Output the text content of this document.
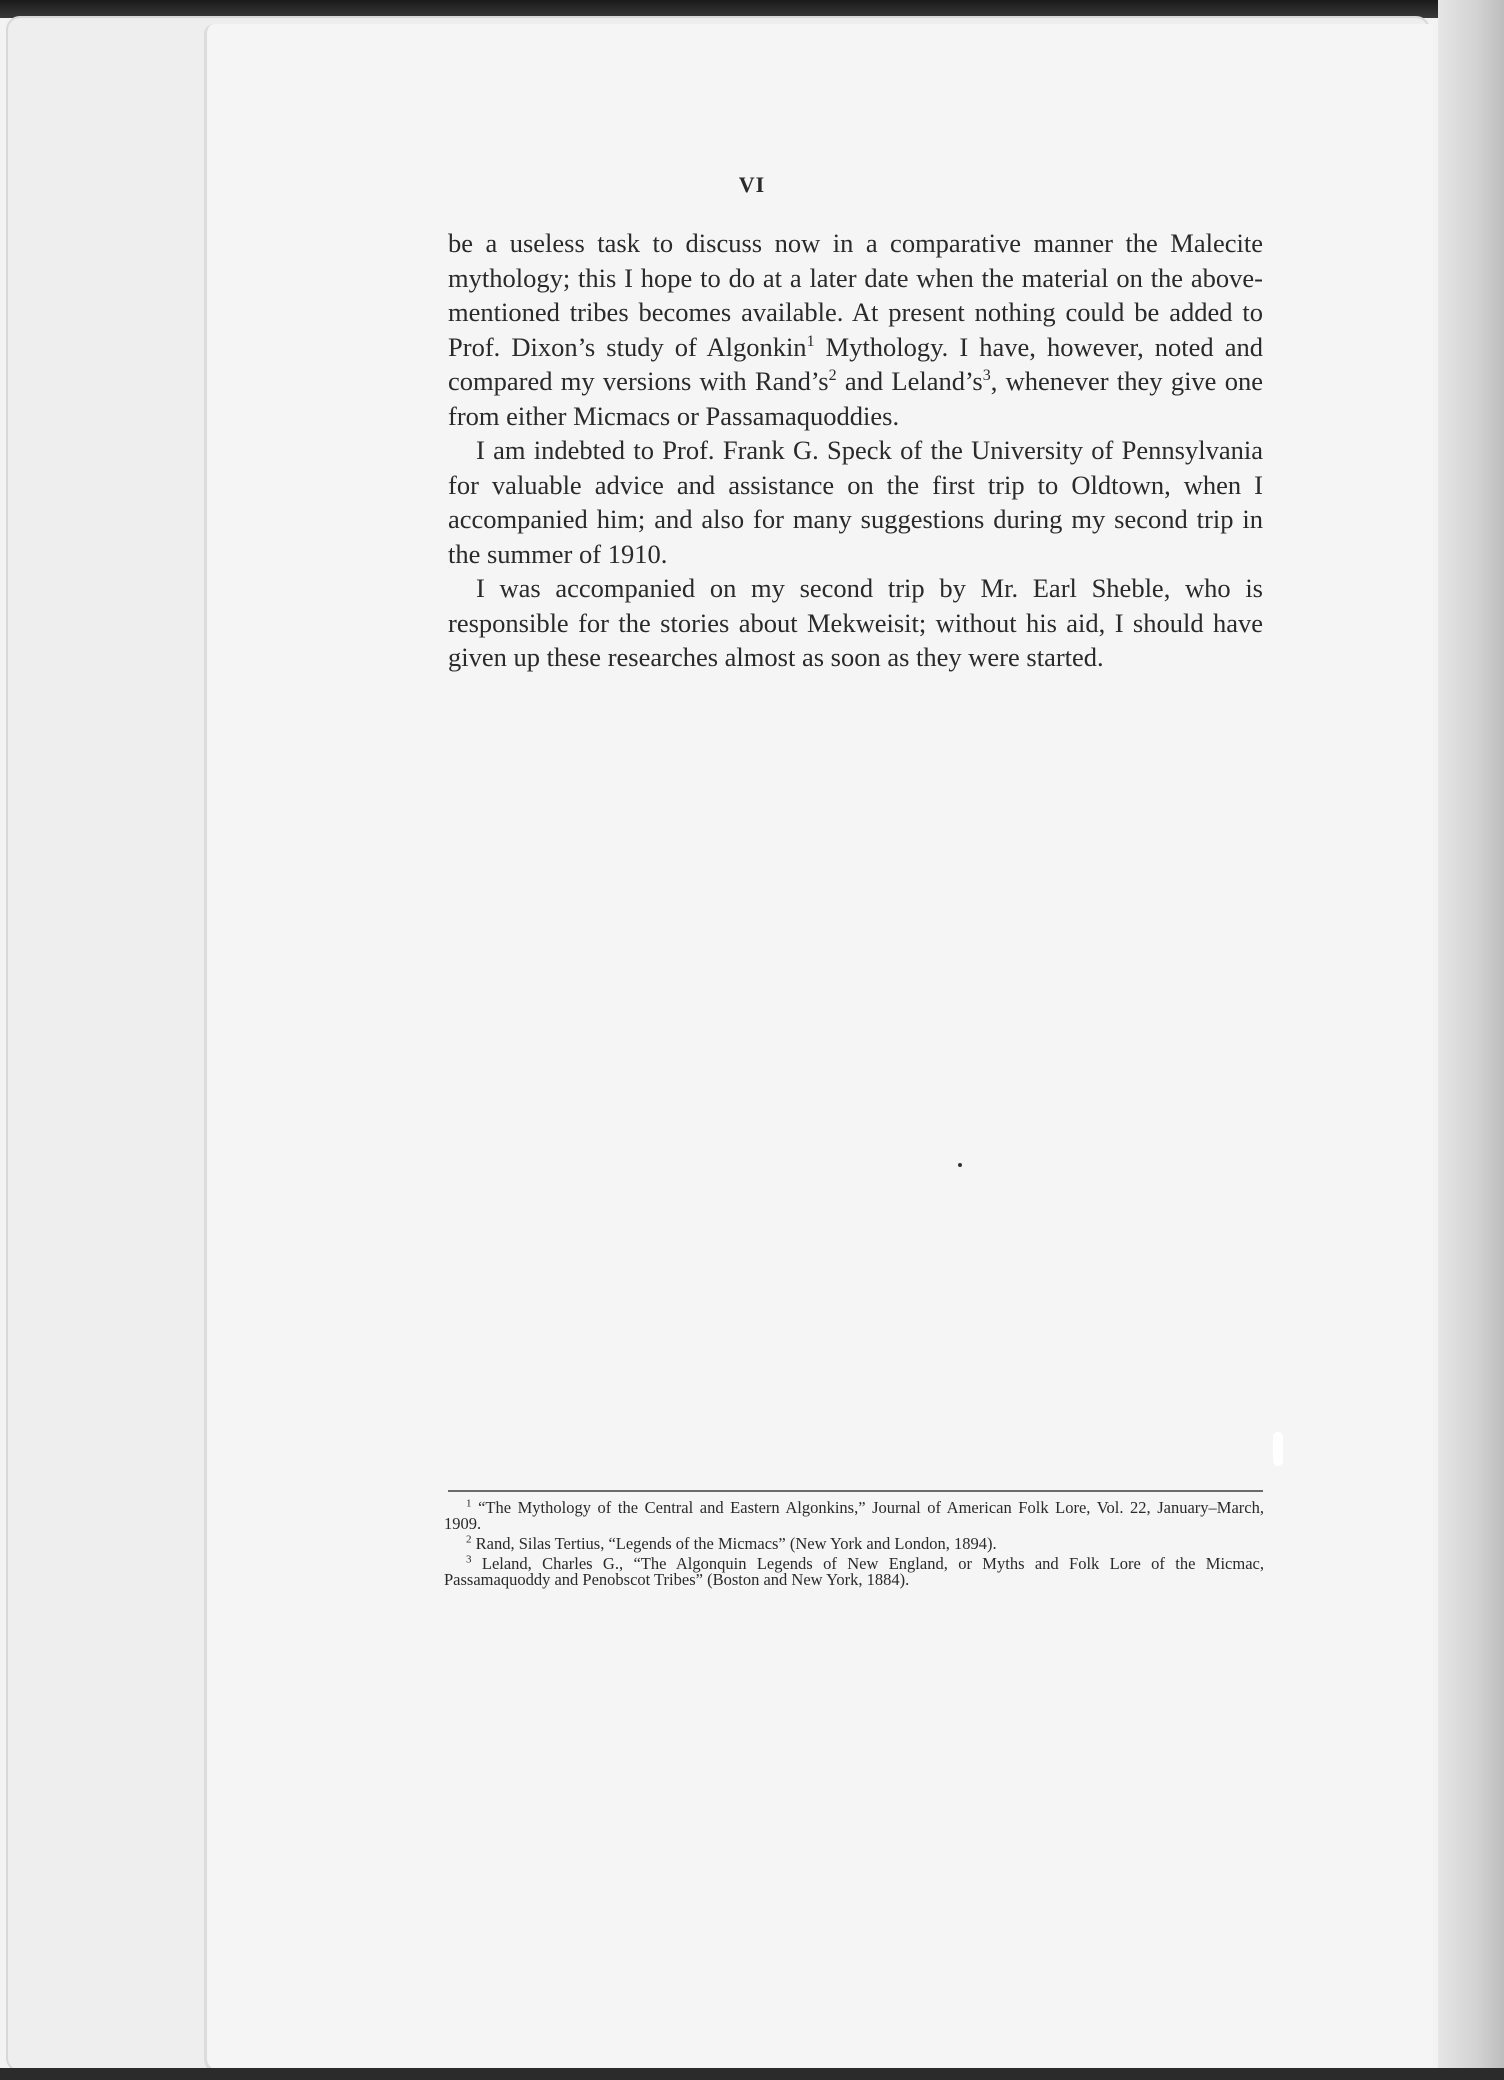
VI

be a useless task to discuss now in a comparative manner the Malecite mythology; this I hope to do at a later date when the material on the above-mentioned tribes becomes available. At present nothing could be added to Prof. Dixon’s study of Algonkin$^1$ Mythology. I have, however, noted and compared my versions with $Rand’s^2$ and $Leland’s^3$, whenever they give one from either Micmacs or Passamaquoddies.

I am indebted to Prof. Frank G. Speck of the University of Pennsylvania for valuable advice and assistance on the first trip to Oldtown, when I accompanied him; and also for many suggestions during my second trip in the summer of 1910.

I was accompanied on my second trip by Mr. Earl Sheble, who is responsible for the stories about Mekweisit; without his aid, I should have given up these researches almost as soon as they were started.

$^1$ “The Mythology of the Central and Eastern Algonkins,” Journal of American Folk Lore, Vol. 22, January–March, 1909.

$^2$ Rand, Silas Tertius, “Legends of the Micmacs” (New York and London, 1894).

$^3$ Leland, Charles G., “The Algonquin Legends of New England, or Myths and Folk Lore of the Micmac, Passamaquoddy and Penobscot Tribes” (Boston and New York, 1884).
